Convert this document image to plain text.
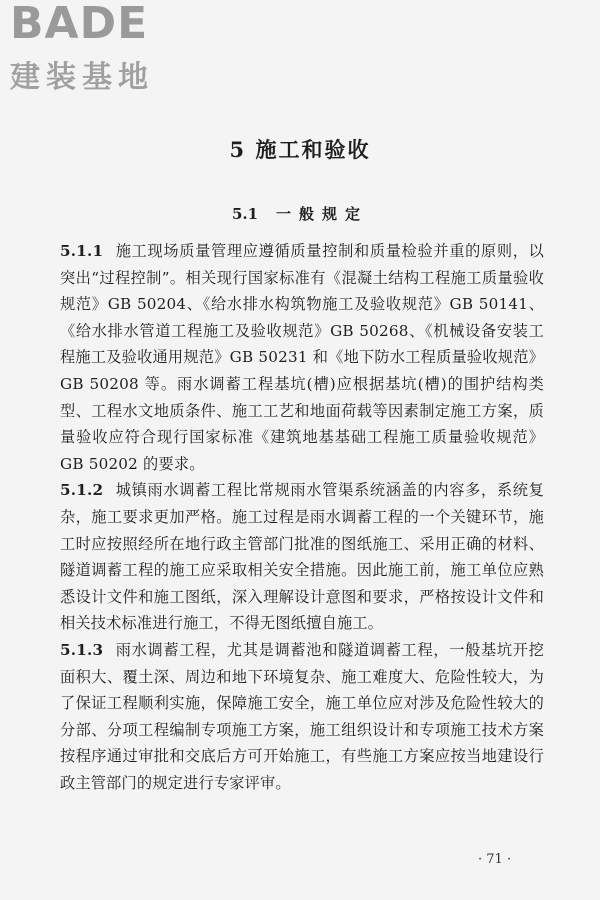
BADE
建装基地
5 施工和验收
5.1 一般规定

5.1.1 施工现场质量管理应遵循质量控制和质量检验并重的原则，以突出“过程控制”。相关现行国家标准有《混凝土结构工程施工质量验收规范》GB 50204、《给水排水构筑物施工及验收规范》GB 50141、《给水排水管道工程施工及验收规范》GB 50268、《机械设备安装工程施工及验收通用规范》GB 50231 和《地下防水工程质量验收规范》GB 50208 等。雨水调蓄工程基坑(槽)应根据基坑(槽)的围护结构类型、工程水文地质条件、施工工艺和地面荷载等因素制定施工方案，质量验收应符合现行国家标准《建筑地基基础工程施工质量验收规范》GB 50202 的要求。

5.1.2 城镇雨水调蓄工程比常规雨水管渠系统涵盖的内容多，系统复杂，施工要求更加严格。施工过程是雨水调蓄工程的一个关键环节，施工时应按照经所在地行政主管部门批准的图纸施工、采用正确的材料、隧道调蓄工程的施工应采取相关安全措施。因此施工前，施工单位应熟悉设计文件和施工图纸，深入理解设计意图和要求，严格按设计文件和相关技术标准进行施工，不得无图纸擅自施工。

5.1.3 雨水调蓄工程，尤其是调蓄池和隧道调蓄工程，一般基坑开挖面积大、覆土深、周边和地下环境复杂、施工难度大、危险性较大，为了保证工程顺利实施，保障施工安全，施工单位应对涉及危险性较大的分部、分项工程编制专项施工方案，施工组织设计和专项施工技术方案按程序通过审批和交底后方可开始施工，有些施工方案应按当地建设行政主管部门的规定进行专家评审。

· 71 ·
